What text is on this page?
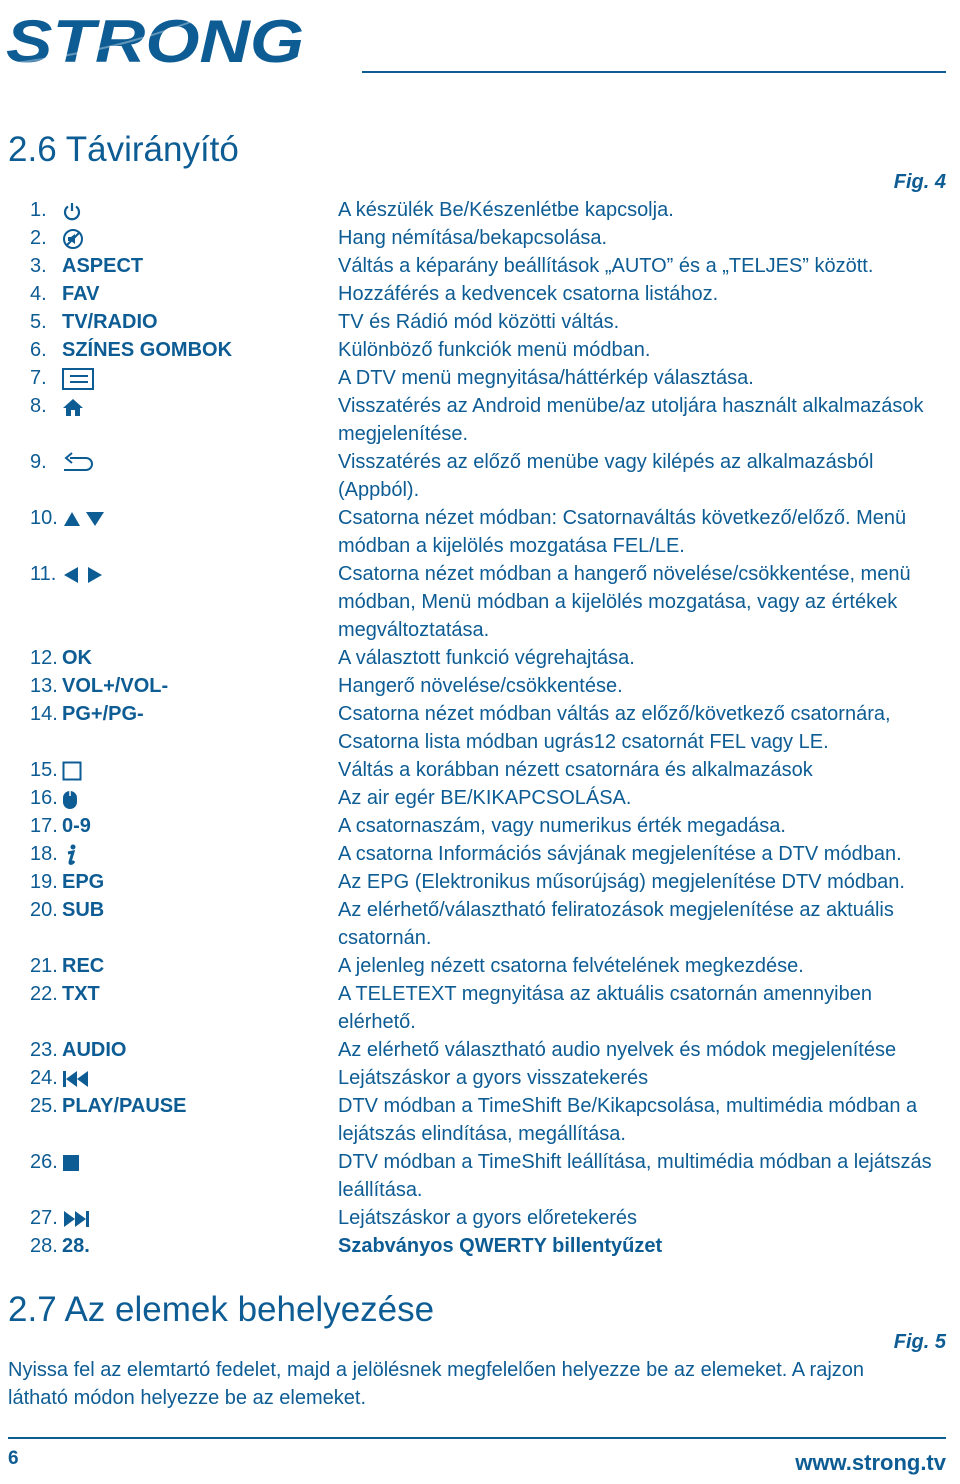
STRONG
2.6 Távirányító
Fig. 4
1.	A készülék Be/Készenlétbe kapcsolja.
2.	Hang némítása/bekapcsolása.
3. ASPECT	Váltás a képarány beállítások „AUTO” és a „TELJES” között.
4. FAV	Hozzáférés a kedvencek csatorna listához.
5. TV/RADIO	TV és Rádió mód közötti váltás.
6. SZÍNES GOMBOK	Különböző funkciók menü módban.
7.	A DTV menü megnyitása/háttérkép választása.
8.	Visszatérés az Android menübe/az utoljára használt alkalmazások megjelenítése.
9.	Visszatérés az előző menübe vagy kilépés az alkalmazásból (Appból).
10.	Csatorna nézet módban: Csatornaváltás következő/előző. Menü módban a kijelölés mozgatása FEL/LE.
11.	Csatorna nézet módban a hangerő növelése/csökkentése, menü módban, Menü módban a kijelölés mozgatása, vagy az értékek megváltoztatása.
12. OK	A választott funkció végrehajtása.
13. VOL+/VOL-	Hangerő növelése/csökkentése.
14. PG+/PG-	Csatorna nézet módban váltás az előző/következő csatornára, Csatorna lista módban ugrás12 csatornát FEL vagy LE.
15.	Váltás a korábban nézett csatornára és alkalmazások
16.	Az air egér BE/KIKAPCSOLÁSA.
17. 0-9	A csatornaszám, vagy numerikus érték megadása.
18.	A csatorna Információs sávjának megjelenítése a DTV módban.
19. EPG	Az EPG (Elektronikus műsorújság) megjelenítése DTV módban.
20. SUB	Az elérhető/választható feliratozások megjelenítése az aktuális csatornán.
21. REC	A jelenleg nézett csatorna felvételének megkezdése.
22. TXT	A TELETEXT megnyitása az aktuális csatornán amennyiben elérhető.
23. AUDIO	Az elérhető választható audio nyelvek és módok megjelenítése
24.	Lejátszáskor a gyors visszatekerés
25. PLAY/PAUSE	DTV módban a TimeShift Be/Kikapcsolása, multimédia módban a lejátszás elindítása, megállítása.
26.	DTV módban a TimeShift leállítása, multimédia módban a lejátszás leállítása.
27.	Lejátszáskor a gyors előretekerés
28. 28.	Szabványos QWERTY billentyűzet
2.7 Az elemek behelyezése
Fig. 5

Nyissa fel az elemtartó fedelet, majd a jelölésnek megfelelően helyezze be az elemeket. A rajzon látható módon helyezze be az elemeket.

6	www.strong.tv
